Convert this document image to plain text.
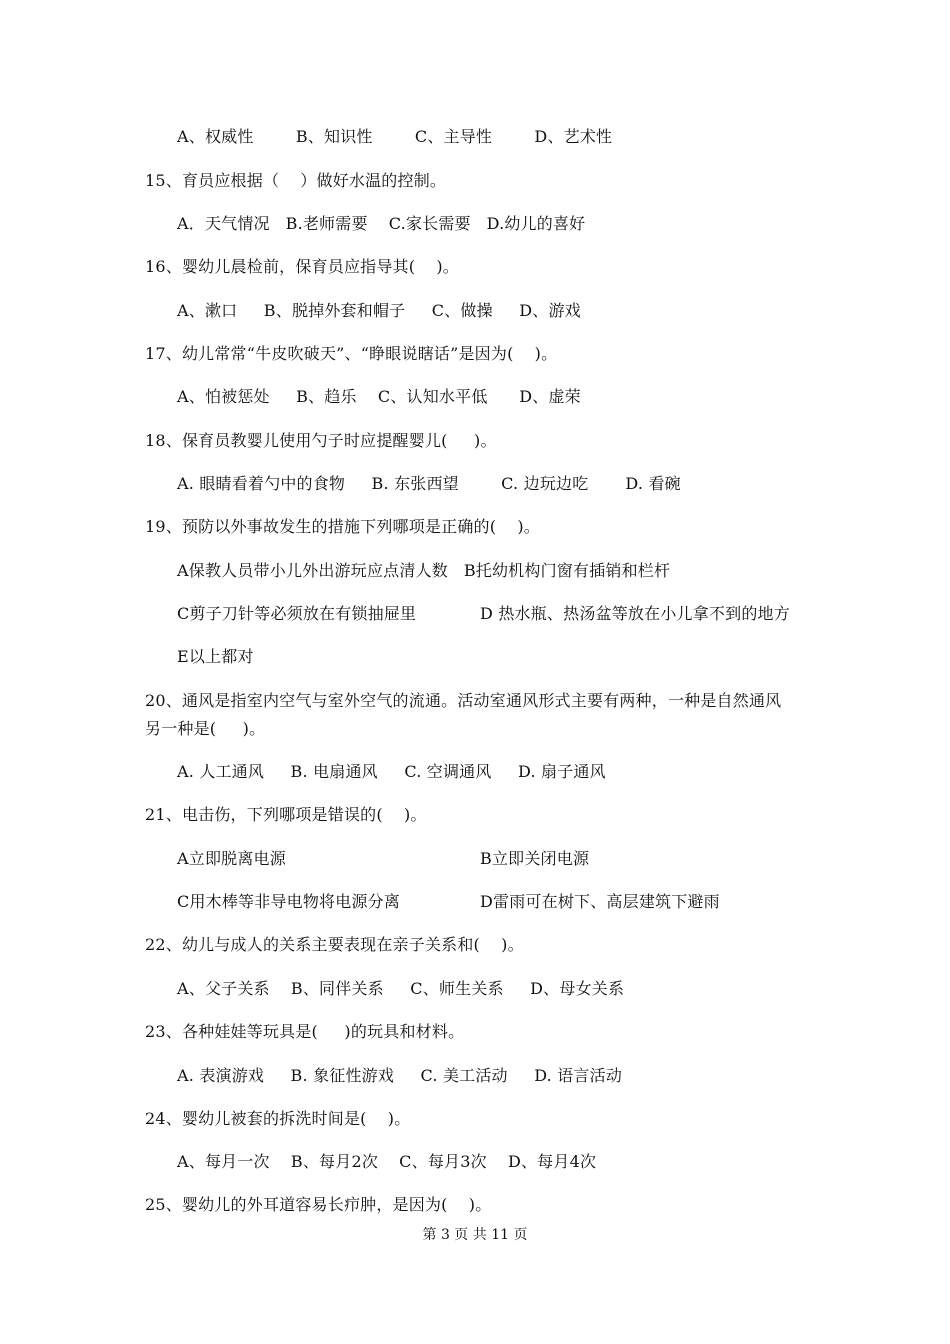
A、权威性        B、知识性        C、主导性        D、艺术性
15、育员应根据（    ）做好水温的控制。
A．天气情况   B.老师需要    C.家长需要   D.幼儿的喜好
16、婴幼儿晨检前，保育员应指导其(    )。
A、漱口     B、脱掉外套和帽子     C、做操     D、游戏
17、幼儿常常“牛皮吹破天”、“睁眼说瞎话”是因为(    )。
A、怕被惩处     B、趋乐    C、认知水平低      D、虚荣
18、保育员教婴儿使用勺子时应提醒婴儿(     )。
A. 眼睛看着勺中的食物     B. 东张西望        C. 边玩边吃       D. 看碗
19、预防以外事故发生的措施下列哪项是正确的(    )。
A保教人员带小儿外出游玩应点清人数   B托幼机构门窗有插销和栏杆
C剪子刀针等必须放在有锁抽屉里	D 热水瓶、热汤盆等放在小儿拿不到的地方
E以上都对
20、通风是指室内空气与室外空气的流通。活动室通风形式主要有两种，一种是自然通风
另一种是(     )。
A. 人工通风     B. 电扇通风     C. 空调通风     D. 扇子通风
21、电击伤，下列哪项是错误的(    )。
A立即脱离电源	B立即关闭电源
C用木棒等非导电物将电源分离	D雷雨可在树下、高层建筑下避雨
22、幼儿与成人的关系主要表现在亲子关系和(    )。
A、父子关系    B、同伴关系     C、师生关系     D、母女关系
23、各种娃娃等玩具是(     )的玩具和材料。
A. 表演游戏     B. 象征性游戏     C. 美工活动     D. 语言活动
24、婴幼儿被套的拆洗时间是(    )。
A、每月一次    B、每月2次    C、每月3次    D、每月4次
25、婴幼儿的外耳道容易长疖肿，是因为(    )。
第 3 页 共 11 页
